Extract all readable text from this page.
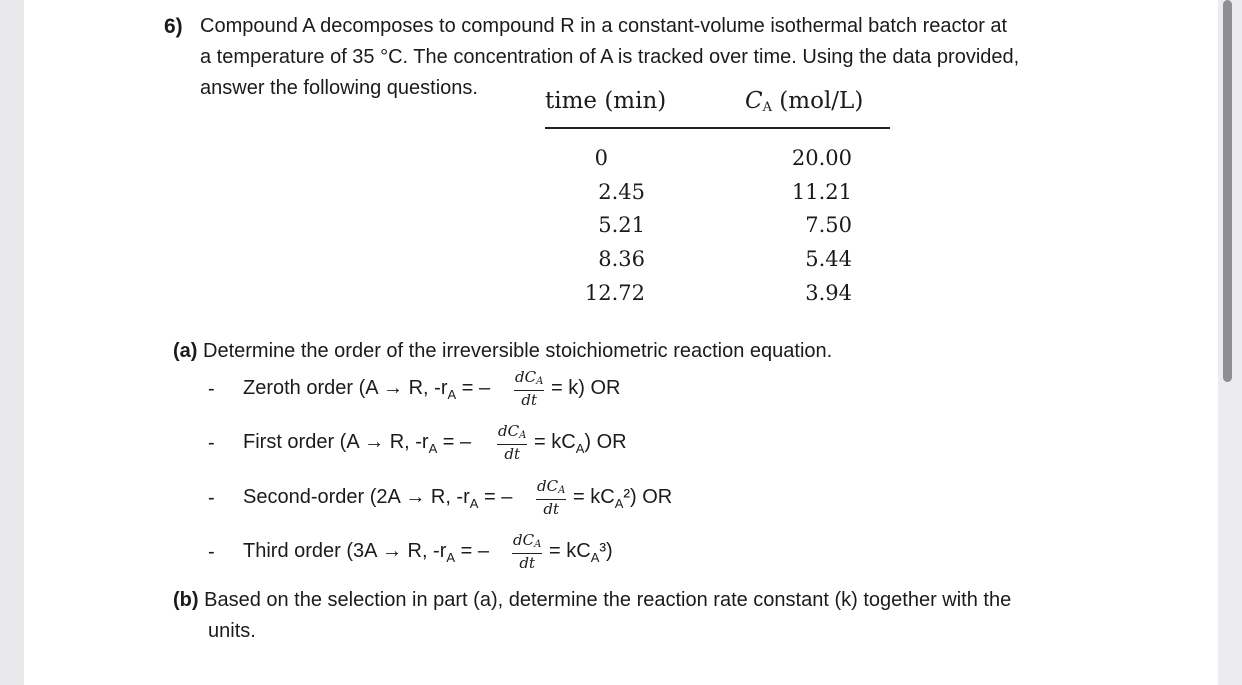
6) Compound A decomposes to compound R in a constant-volume isothermal batch reactor at
a temperature of 35 °C. The concentration of A is tracked over time. Using the data provided,
answer the following questions.	time (min)	$C_A$ (mol/L)
0
2.45
5.21
8.36
12.72
20.00
11.21
7.50
5.44
3.94
(a) Determine the order of the irreversible stoichiometric reaction equation.
- Zeroth order (A → R, $-r_A$ = – $dC_A$
dt
= k) OR
- First order (A → R, $-r_A$ = – $dC_A$
dt
= $kC_A$) OR
- Second-order (2A → R, $-r_A$ = – $dC_A$
dt
= $kC_A^2$) OR
- Third order (3A → R, $-r_A$ = – $dC_A$
dt
= $kC_A^3$)
(b) Based on the selection in part (a), determine the reaction rate constant (k) together with the
units.
